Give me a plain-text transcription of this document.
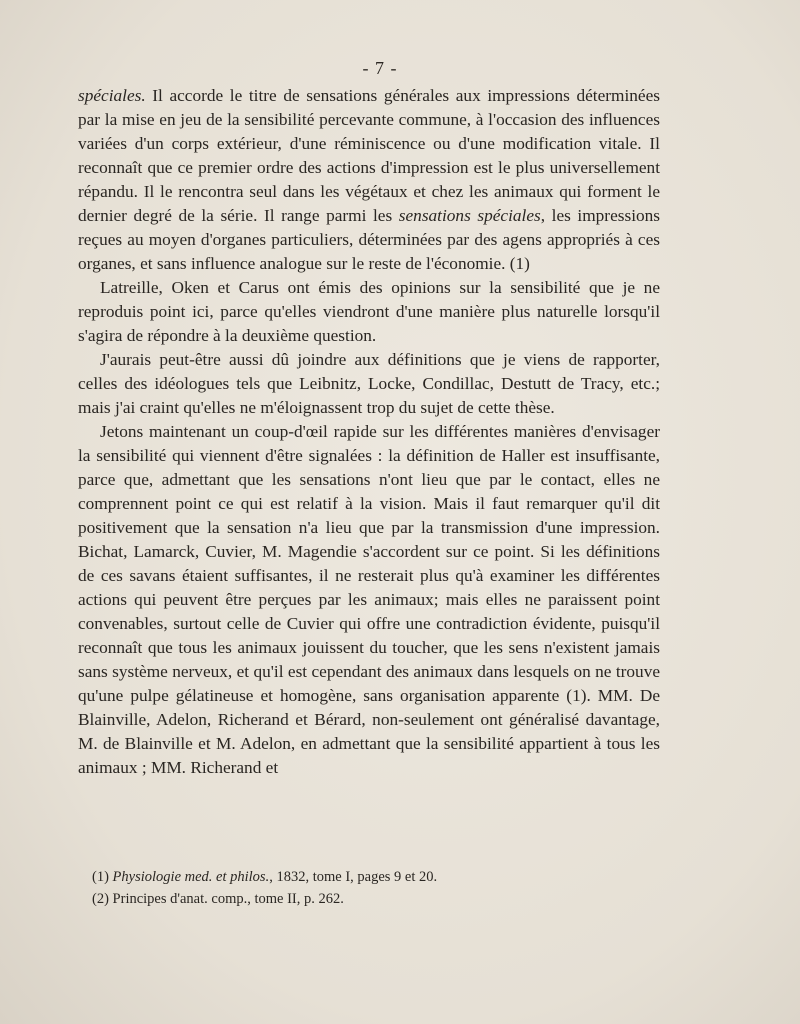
- 7 -

spéciales. Il accorde le titre de sensations générales aux impressions déterminées par la mise en jeu de la sensibilité percevante commune, à l'occasion des influences variées d'un corps extérieur, d'une réminiscence ou d'une modification vitale. Il reconnaît que ce premier ordre des actions d'impression est le plus universellement répandu. Il le rencontra seul dans les végétaux et chez les animaux qui forment le dernier degré de la série. Il range parmi les sensations spéciales, les impressions reçues au moyen d'organes particuliers, déterminées par des agens appropriés à ces organes, et sans influence analogue sur le reste de l'économie. (1)

Latreille, Oken et Carus ont émis des opinions sur la sensibilité que je ne reproduis point ici, parce qu'elles viendront d'une manière plus naturelle lorsqu'il s'agira de répondre à la deuxième question.

J'aurais peut-être aussi dû joindre aux définitions que je viens de rapporter, celles des idéologues tels que Leibnitz, Locke, Condillac, Destutt de Tracy, etc.; mais j'ai craint qu'elles ne m'éloignassent trop du sujet de cette thèse.

Jetons maintenant un coup-d'œil rapide sur les différentes manières d'envisager la sensibilité qui viennent d'être signalées : la définition de Haller est insuffisante, parce que, admettant que les sensations n'ont lieu que par le contact, elles ne comprennent point ce qui est relatif à la vision. Mais il faut remarquer qu'il dit positivement que la sensation n'a lieu que par la transmission d'une impression. Bichat, Lamarck, Cuvier, M. Magendie s'accordent sur ce point. Si les définitions de ces savans étaient suffisantes, il ne resterait plus qu'à examiner les différentes actions qui peuvent être perçues par les animaux; mais elles ne paraissent point convenables, surtout celle de Cuvier qui offre une contradiction évidente, puisqu'il reconnaît que tous les animaux jouissent du toucher, que les sens n'existent jamais sans système nerveux, et qu'il est cependant des animaux dans lesquels on ne trouve qu'une pulpe gélatineuse et homogène, sans organisation apparente (1). MM. De Blainville, Adelon, Richerand et Bérard, non-seulement ont généralisé davantage, M. de Blainville et M. Adelon, en admettant que la sensibilité appartient à tous les animaux ; MM. Richerand et

(1) Physiologie med. et philos., 1832, tome I, pages 9 et 20.
(2) Principes d'anat. comp., tome II, p. 262.
